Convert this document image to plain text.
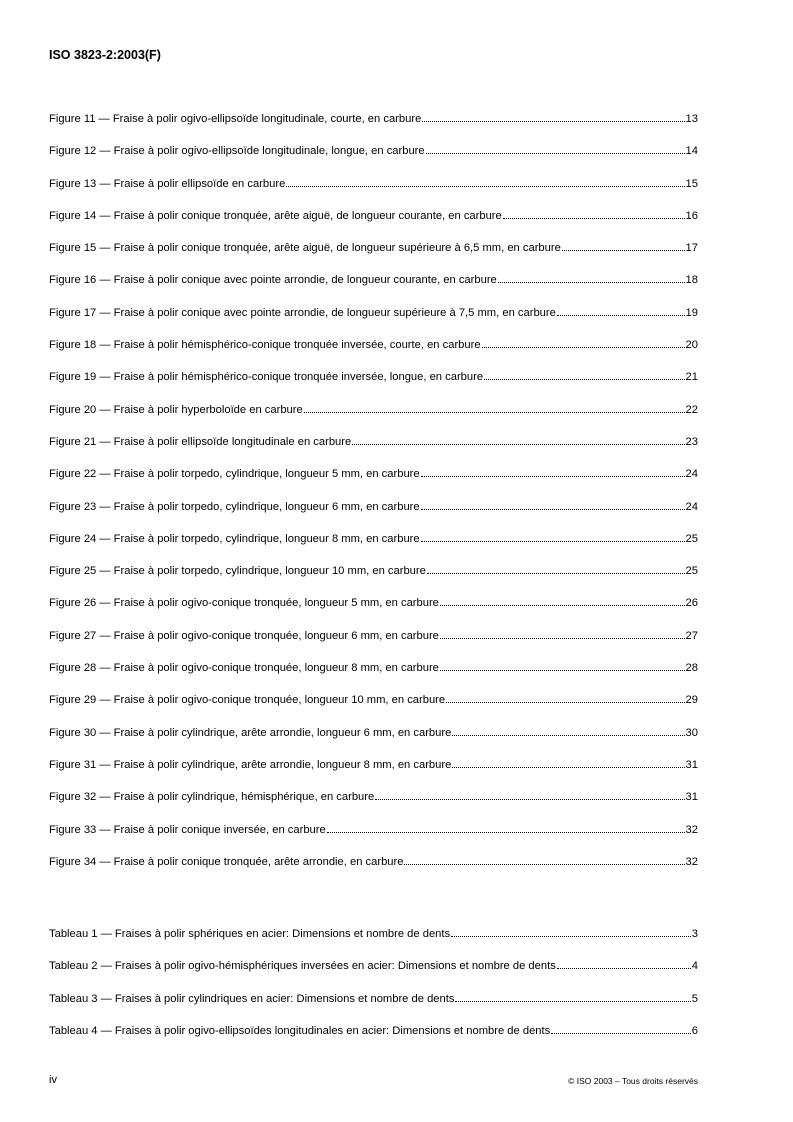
ISO 3823-2:2003(F)
Figure 11 — Fraise à polir ogivo-ellipsoïde longitudinale, courte, en carbure	13
Figure 12 — Fraise à polir ogivo-ellipsoïde longitudinale, longue, en carbure	14
Figure 13 — Fraise à polir ellipsoïde en carbure	15
Figure 14 — Fraise à polir conique tronquée, arête aiguë, de longueur courante, en carbure	16
Figure 15 — Fraise à polir conique tronquée, arête aiguë, de longueur supérieure à 6,5 mm, en carbure	17
Figure 16 — Fraise à polir conique avec pointe arrondie, de longueur courante, en carbure	18
Figure 17 — Fraise à polir conique avec pointe arrondie, de longueur supérieure à 7,5 mm, en carbure	19
Figure 18 — Fraise à polir hémisphérico-conique tronquée inversée, courte, en carbure	20
Figure 19 — Fraise à polir hémisphérico-conique tronquée inversée, longue, en carbure	21
Figure 20 — Fraise à polir hyperboloïde en carbure	22
Figure 21 — Fraise à polir ellipsoïde longitudinale en carbure	23
Figure 22 — Fraise à polir torpedo, cylindrique, longueur 5 mm, en carbure	24
Figure 23 — Fraise à polir torpedo, cylindrique, longueur 6 mm, en carbure	24
Figure 24 — Fraise à polir torpedo, cylindrique, longueur 8 mm, en carbure	25
Figure 25 — Fraise à polir torpedo, cylindrique, longueur 10 mm, en carbure	25
Figure 26 — Fraise à polir ogivo-conique tronquée, longueur 5 mm, en carbure	26
Figure 27 — Fraise à polir ogivo-conique tronquée, longueur 6 mm, en carbure	27
Figure 28 — Fraise à polir ogivo-conique tronquée, longueur 8 mm, en carbure	28
Figure 29 — Fraise à polir ogivo-conique tronquée, longueur 10 mm, en carbure	29
Figure 30 — Fraise à polir cylindrique, arête arrondie, longueur 6 mm, en carbure	30
Figure 31 — Fraise à polir cylindrique, arête arrondie, longueur 8 mm, en carbure	31
Figure 32 — Fraise à polir cylindrique, hémisphérique, en carbure	31
Figure 33 — Fraise à polir conique inversée, en carbure	32
Figure 34 — Fraise à polir conique tronquée, arête arrondie, en carbure	32
Tableau 1 — Fraises à polir sphériques en acier: Dimensions et nombre de dents	3
Tableau 2 — Fraises à polir ogivo-hémisphériques inversées en acier: Dimensions et nombre de dents	4
Tableau 3 — Fraises à polir cylindriques en acier: Dimensions et nombre de dents	5
Tableau 4 — Fraises à polir ogivo-ellipsoïdes longitudinales en acier: Dimensions et nombre de dents	6
iv	© ISO 2003 – Tous droits réservés
